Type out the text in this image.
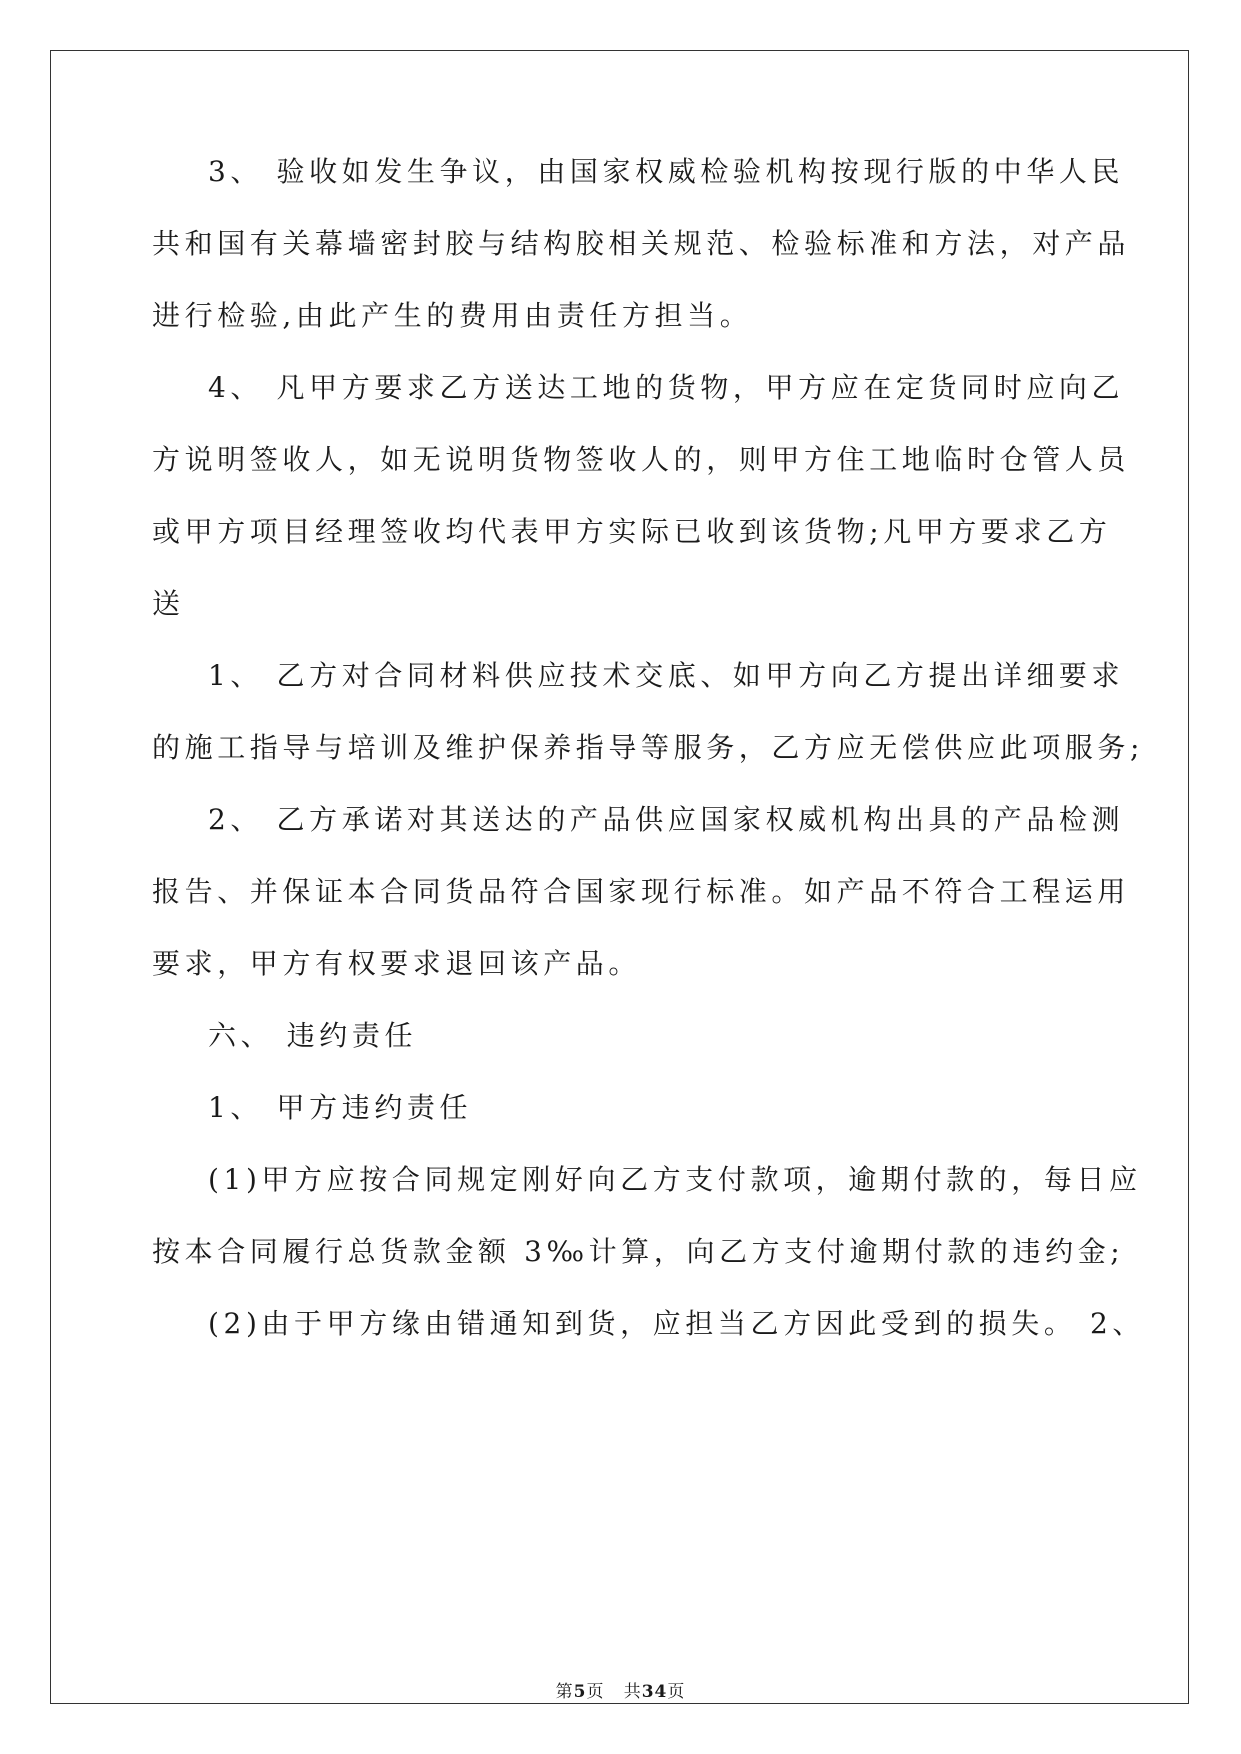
3、 验收如发生争议，由国家权威检验机构按现行版的中华人民
共和国有关幕墙密封胶与结构胶相关规范、检验标准和方法，对产品
进行检验,由此产生的费用由责任方担当。
4、 凡甲方要求乙方送达工地的货物，甲方应在定货同时应向乙
方说明签收人，如无说明货物签收人的，则甲方住工地临时仓管人员
或甲方项目经理签收均代表甲方实际已收到该货物;凡甲方要求乙方
送
1、 乙方对合同材料供应技术交底、如甲方向乙方提出详细要求
的施工指导与培训及维护保养指导等服务，乙方应无偿供应此项服务;
2、 乙方承诺对其送达的产品供应国家权威机构出具的产品检测
报告、并保证本合同货品符合国家现行标准。如产品不符合工程运用
要求，甲方有权要求退回该产品。
六、 违约责任
1、 甲方违约责任
(1)甲方应按合同规定刚好向乙方支付款项，逾期付款的，每日应
按本合同履行总货款金额 3‰计算，向乙方支付逾期付款的违约金;
(2)由于甲方缘由错通知到货，应担当乙方因此受到的损失。 2、
第5页 共34页
